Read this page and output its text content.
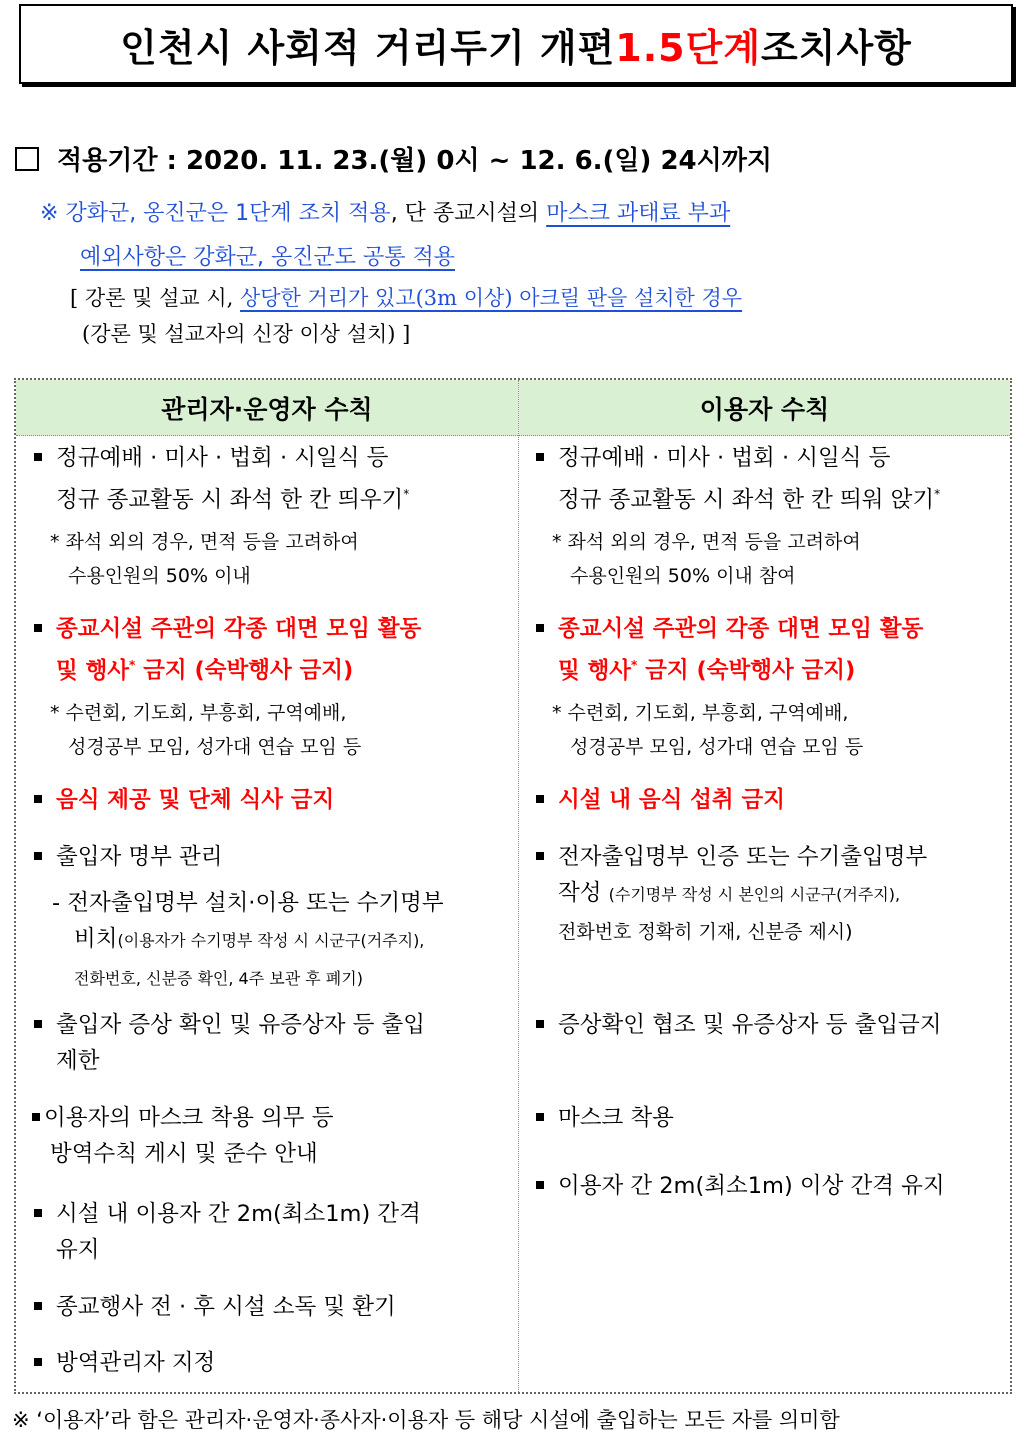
인천시 사회적 거리두기 개편 1.5단계 조치사항
적용기간 : 2020. 11. 23.(월) 0시 ~ 12. 6.(일) 24시까지
※ 강화군, 옹진군은 1단계 조치 적용, 단 종교시설의 마스크 과태료 부과
예외사항은 강화군, 옹진군도 공통 적용
[ 강론 및 설교 시, 상당한 거리가 있고(3m 이상) 아크릴 판을 설치한 경우
(강론 및 설교자의 신장 이상 설치) ]
관리자·운영자 수칙	이용자 수칙
정규예배 · 미사 · 법회 · 시일식 등
정규 종교활동 시 좌석 한 칸 띄우기*
* 좌석 외의 경우, 면적 등을 고려하여
수용인원의 50% 이내
종교시설 주관의 각종 대면 모임 활동
및 행사* 금지 (숙박행사 금지)
* 수련회, 기도회, 부흥회, 구역예배,
성경공부 모임, 성가대 연습 모임 등
음식 제공 및 단체 식사 금지
출입자 명부 관리
- 전자출입명부 설치·이용 또는 수기명부
비치(이용자가 수기명부 작성 시 시군구(거주지),
전화번호, 신분증 확인, 4주 보관 후 폐기)
출입자 증상 확인 및 유증상자 등 출입
제한
이용자의 마스크 착용 의무 등
방역수칙 게시 및 준수 안내
시설 내 이용자 간 2m(최소1m) 간격
유지
종교행사 전 · 후 시설 소독 및 환기
방역관리자 지정
정규예배 · 미사 · 법회 · 시일식 등
정규 종교활동 시 좌석 한 칸 띄워 앉기*
* 좌석 외의 경우, 면적 등을 고려하여
수용인원의 50% 이내 참여
종교시설 주관의 각종 대면 모임 활동
및 행사* 금지 (숙박행사 금지)
* 수련회, 기도회, 부흥회, 구역예배,
성경공부 모임, 성가대 연습 모임 등
시설 내 음식 섭취 금지
전자출입명부 인증 또는 수기출입명부
작성 (수기명부 작성 시 본인의 시군구(거주지),
전화번호 정확히 기재, 신분증 제시)
증상확인 협조 및 유증상자 등 출입금지
마스크 착용
이용자 간 2m(최소1m) 이상 간격 유지
※ ‘이용자’라 함은 관리자·운영자·종사자·이용자 등 해당 시설에 출입하는 모든 자를 의미함
